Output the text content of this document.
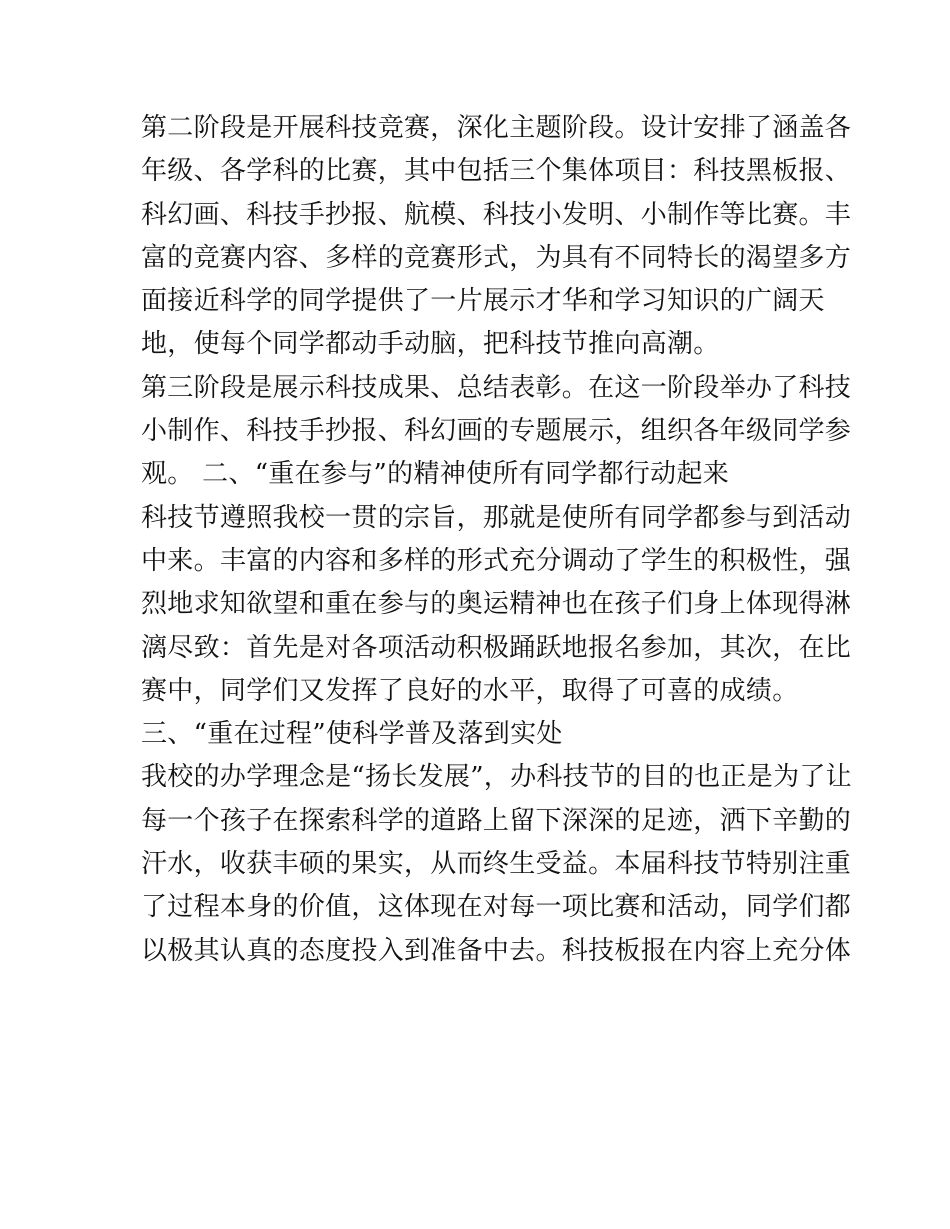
第二阶段是开展科技竞赛，深化主题阶段。设计安排了涵盖各
年级、各学科的比赛，其中包括三个集体项目：科技黑板报、
科幻画、科技手抄报、航模、科技小发明、小制作等比赛。丰
富的竞赛内容、多样的竞赛形式，为具有不同特长的渴望多方
面接近科学的同学提供了一片展示才华和学习知识的广阔天
地，使每个同学都动手动脑，把科技节推向高潮。
第三阶段是展示科技成果、总结表彰。在这一阶段举办了科技
小制作、科技手抄报、科幻画的专题展示，组织各年级同学参
观。 二、“重在参与”的精神使所有同学都行动起来
科技节遵照我校一贯的宗旨，那就是使所有同学都参与到活动
中来。丰富的内容和多样的形式充分调动了学生的积极性，强
烈地求知欲望和重在参与的奥运精神也在孩子们身上体现得淋
漓尽致：首先是对各项活动积极踊跃地报名参加，其次，在比
赛中，同学们又发挥了良好的水平，取得了可喜的成绩。
三、“重在过程”使科学普及落到实处
我校的办学理念是“扬长发展”，办科技节的目的也正是为了让
每一个孩子在探索科学的道路上留下深深的足迹，洒下辛勤的
汗水，收获丰硕的果实，从而终生受益。本届科技节特别注重
了过程本身的价值，这体现在对每一项比赛和活动，同学们都
以极其认真的态度投入到准备中去。科技板报在内容上充分体
